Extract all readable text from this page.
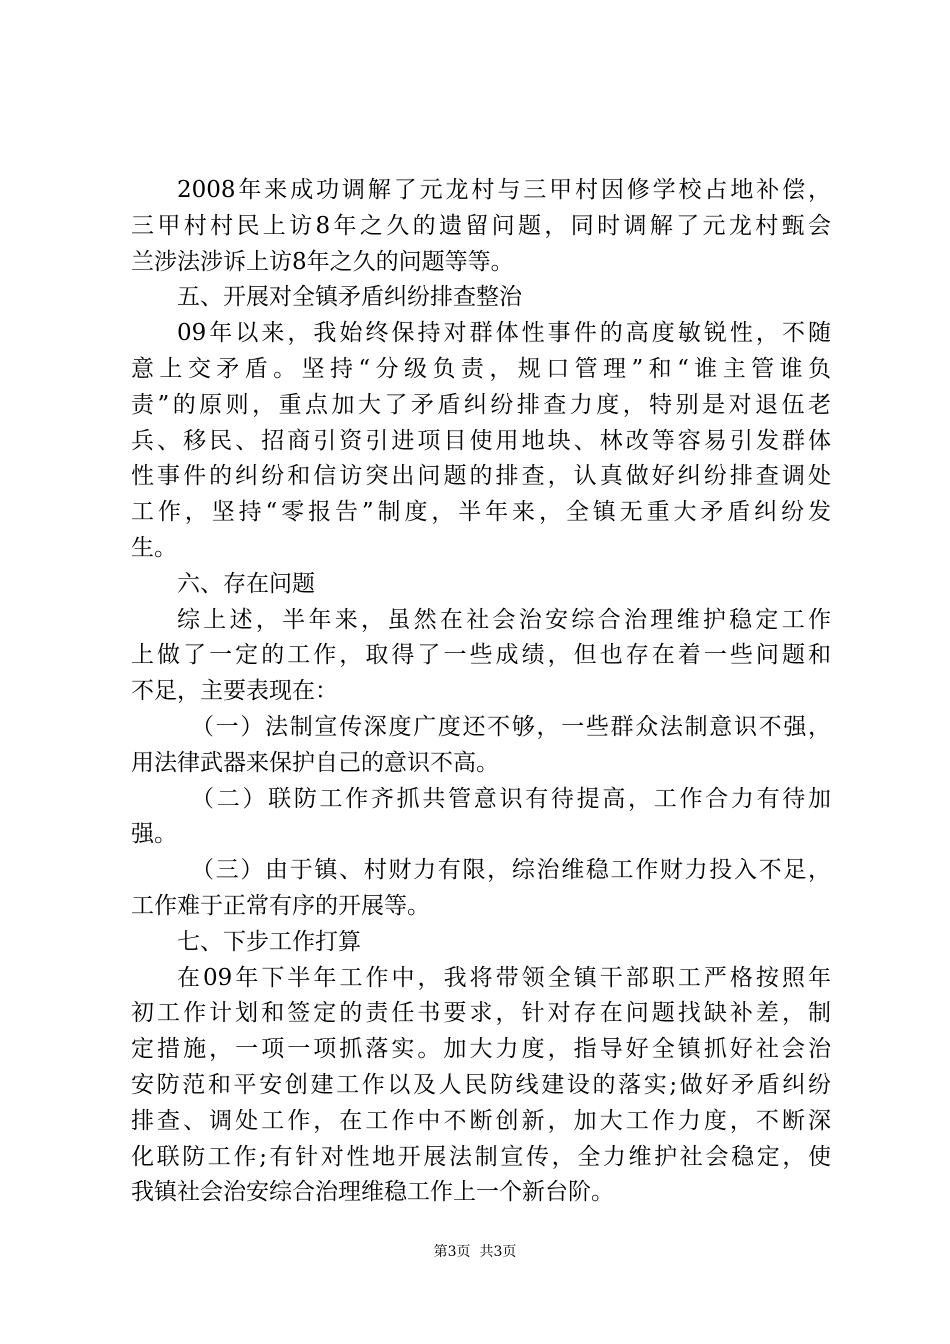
2008年来成功调解了元龙村与三甲村因修学校占地补偿，
三甲村村民上访8年之久的遗留问题，同时调解了元龙村甄会
兰涉法涉诉上访8年之久的问题等等。
五、开展对全镇矛盾纠纷排查整治
09年以来，我始终保持对群体性事件的高度敏锐性，不随
意上交矛盾。坚持“分级负责，规口管理”和“谁主管谁负
责”的原则，重点加大了矛盾纠纷排查力度，特别是对退伍老
兵、移民、招商引资引进项目使用地块、林改等容易引发群体
性事件的纠纷和信访突出问题的排查，认真做好纠纷排查调处
工作，坚持“零报告”制度，半年来，全镇无重大矛盾纠纷发
生。
六、存在问题
综上述，半年来，虽然在社会治安综合治理维护稳定工作
上做了一定的工作，取得了一些成绩，但也存在着一些问题和
不足，主要表现在：
（一）法制宣传深度广度还不够，一些群众法制意识不强，
用法律武器来保护自己的意识不高。
（二）联防工作齐抓共管意识有待提高，工作合力有待加
强。
（三）由于镇、村财力有限，综治维稳工作财力投入不足，
工作难于正常有序的开展等。
七、下步工作打算
在09年下半年工作中，我将带领全镇干部职工严格按照年
初工作计划和签定的责任书要求，针对存在问题找缺补差，制
定措施，一项一项抓落实。加大力度，指导好全镇抓好社会治
安防范和平安创建工作以及人民防线建设的落实;做好矛盾纠纷
排查、调处工作，在工作中不断创新，加大工作力度，不断深
化联防工作;有针对性地开展法制宣传，全力维护社会稳定，使
我镇社会治安综合治理维稳工作上一个新台阶。
第3页  共3页
